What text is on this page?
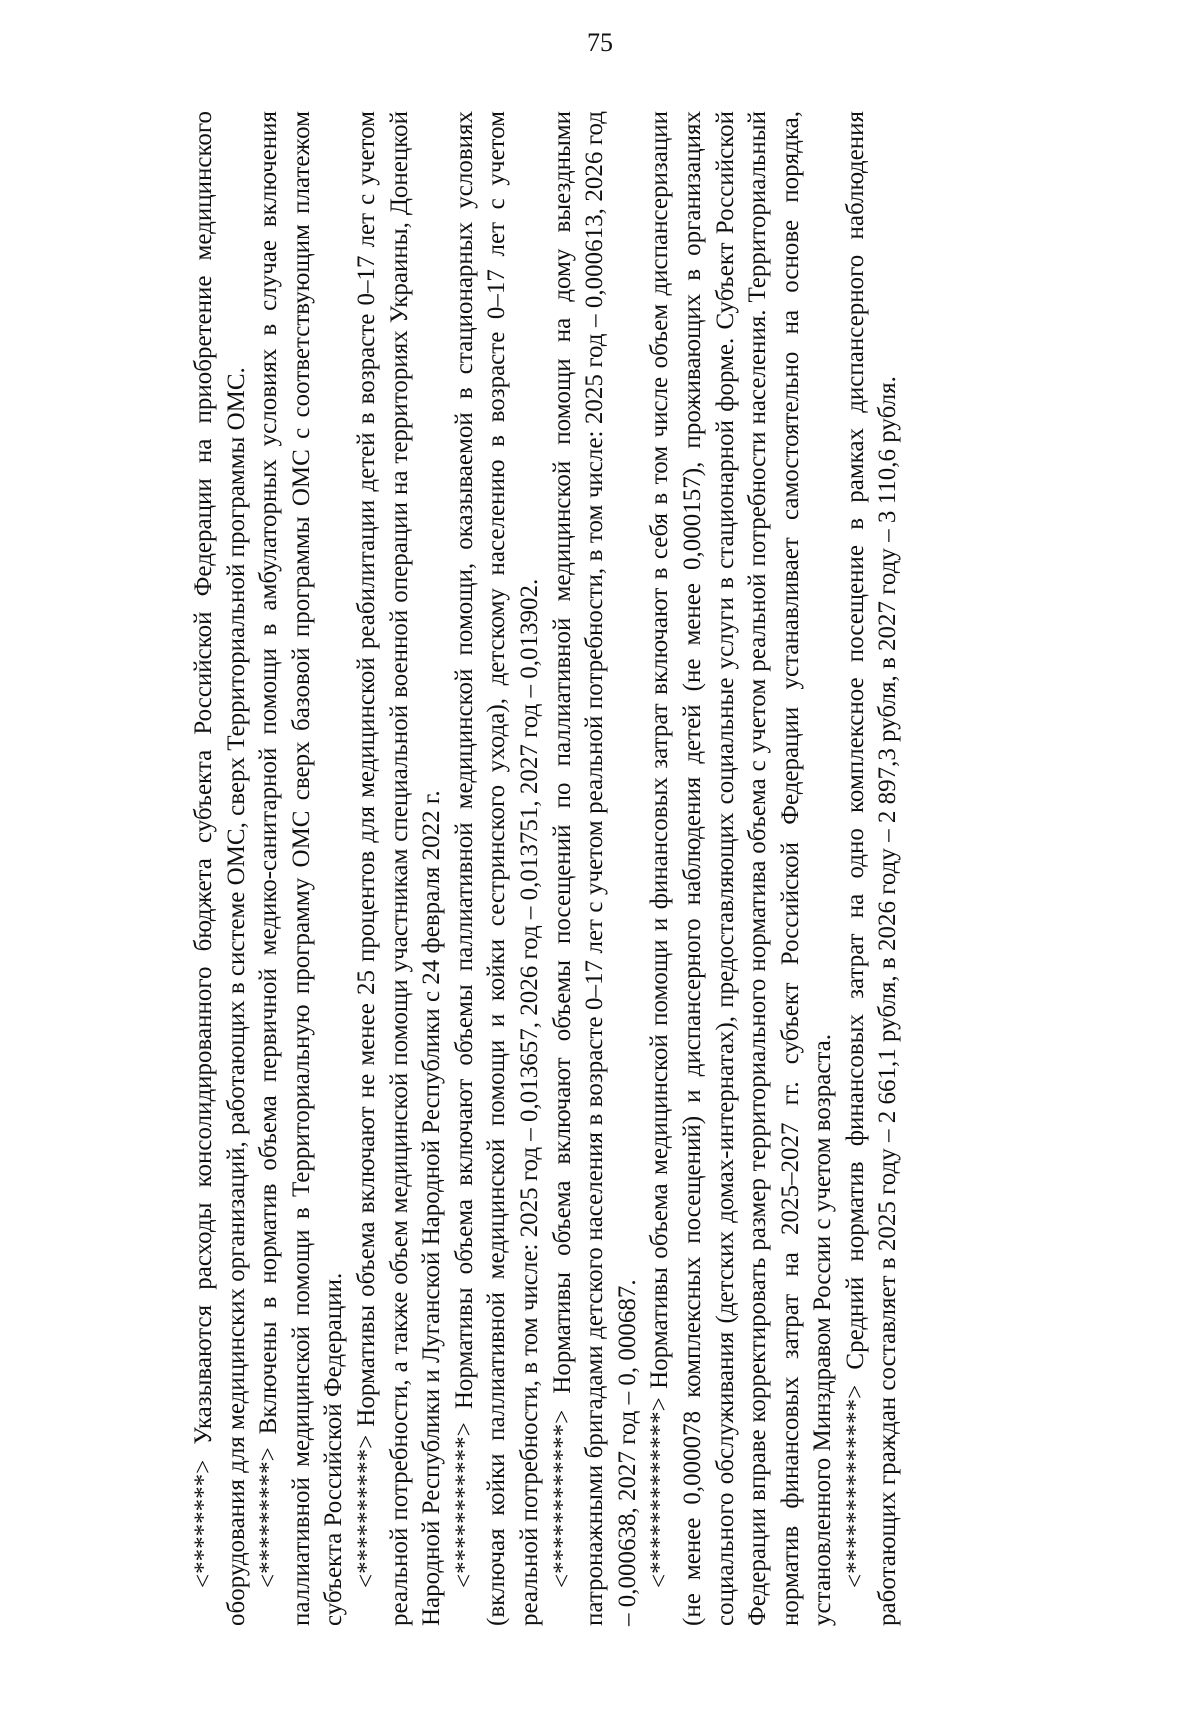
75

<********> Указываются расходы консолидированного бюджета субъекта Российской Федерации на приобретение медицинского оборудования для медицинских организаций, работающих в системе ОМС, сверх Территориальной программы ОМС. <*********> Включены в норматив объема первичной медико-санитарной помощи в амбулаторных условиях в случае включения паллиативной медицинской помощи в Территориальную программу ОМС сверх базовой программы ОМС с соответствующим платежом субъекта Российской Федерации. <**********> Нормативы объема включают не менее 25 процентов для медицинской реабилитации детей в возрасте 0–17 лет с учетом реальной потребности, а также объем медицинской помощи участникам специальной военной операции на территориях Украины, Донецкой Народной Республики и Луганской Народной Республики с 24 февраля 2022 г. <***********> Нормативы объема включают объемы паллиативной медицинской помощи, оказываемой в стационарных условиях (включая койки паллиативной медицинской помощи и койки сестринского ухода), детскому населению в возрасте 0–17 лет с учетом реальной потребности, в том числе: 2025 год – 0,013657, 2026 год – 0,013751, 2027 год – 0,013902. <************> Нормативы объема включают объемы посещений по паллиативной медицинской помощи на дому выездными патронажными бригадами детского населения в возрасте 0–17 лет с учетом реальной потребности, в том числе: 2025 год – 0,000613, 2026 год – 0,000638, 2027 год – 0, 000687. <*************> Нормативы объема медицинской помощи и финансовых затрат включают в себя в том числе объем диспансеризации (не менее 0,000078 комплексных посещений) и диспансерного наблюдения детей (не менее 0,000157), проживающих в организациях социального обслуживания (детских домах-интернатах), предоставляющих социальные услуги в стационарной форме. Субъект Российской Федерации вправе корректировать размер территориального норматива объема с учетом реальной потребности населения. Территориальный норматив финансовых затрат на 2025–2027 гг. субъект Российской Федерации устанавливает самостоятельно на основе порядка, установленного Минздравом России с учетом возраста. <**************> Средний норматив финансовых затрат на одно комплексное посещение в рамках диспансерного наблюдения работающих граждан составляет в 2025 году – 2 661,1 рубля, в 2026 году – 2 897,3 рубля, в 2027 году – 3 110,6 рубля.
